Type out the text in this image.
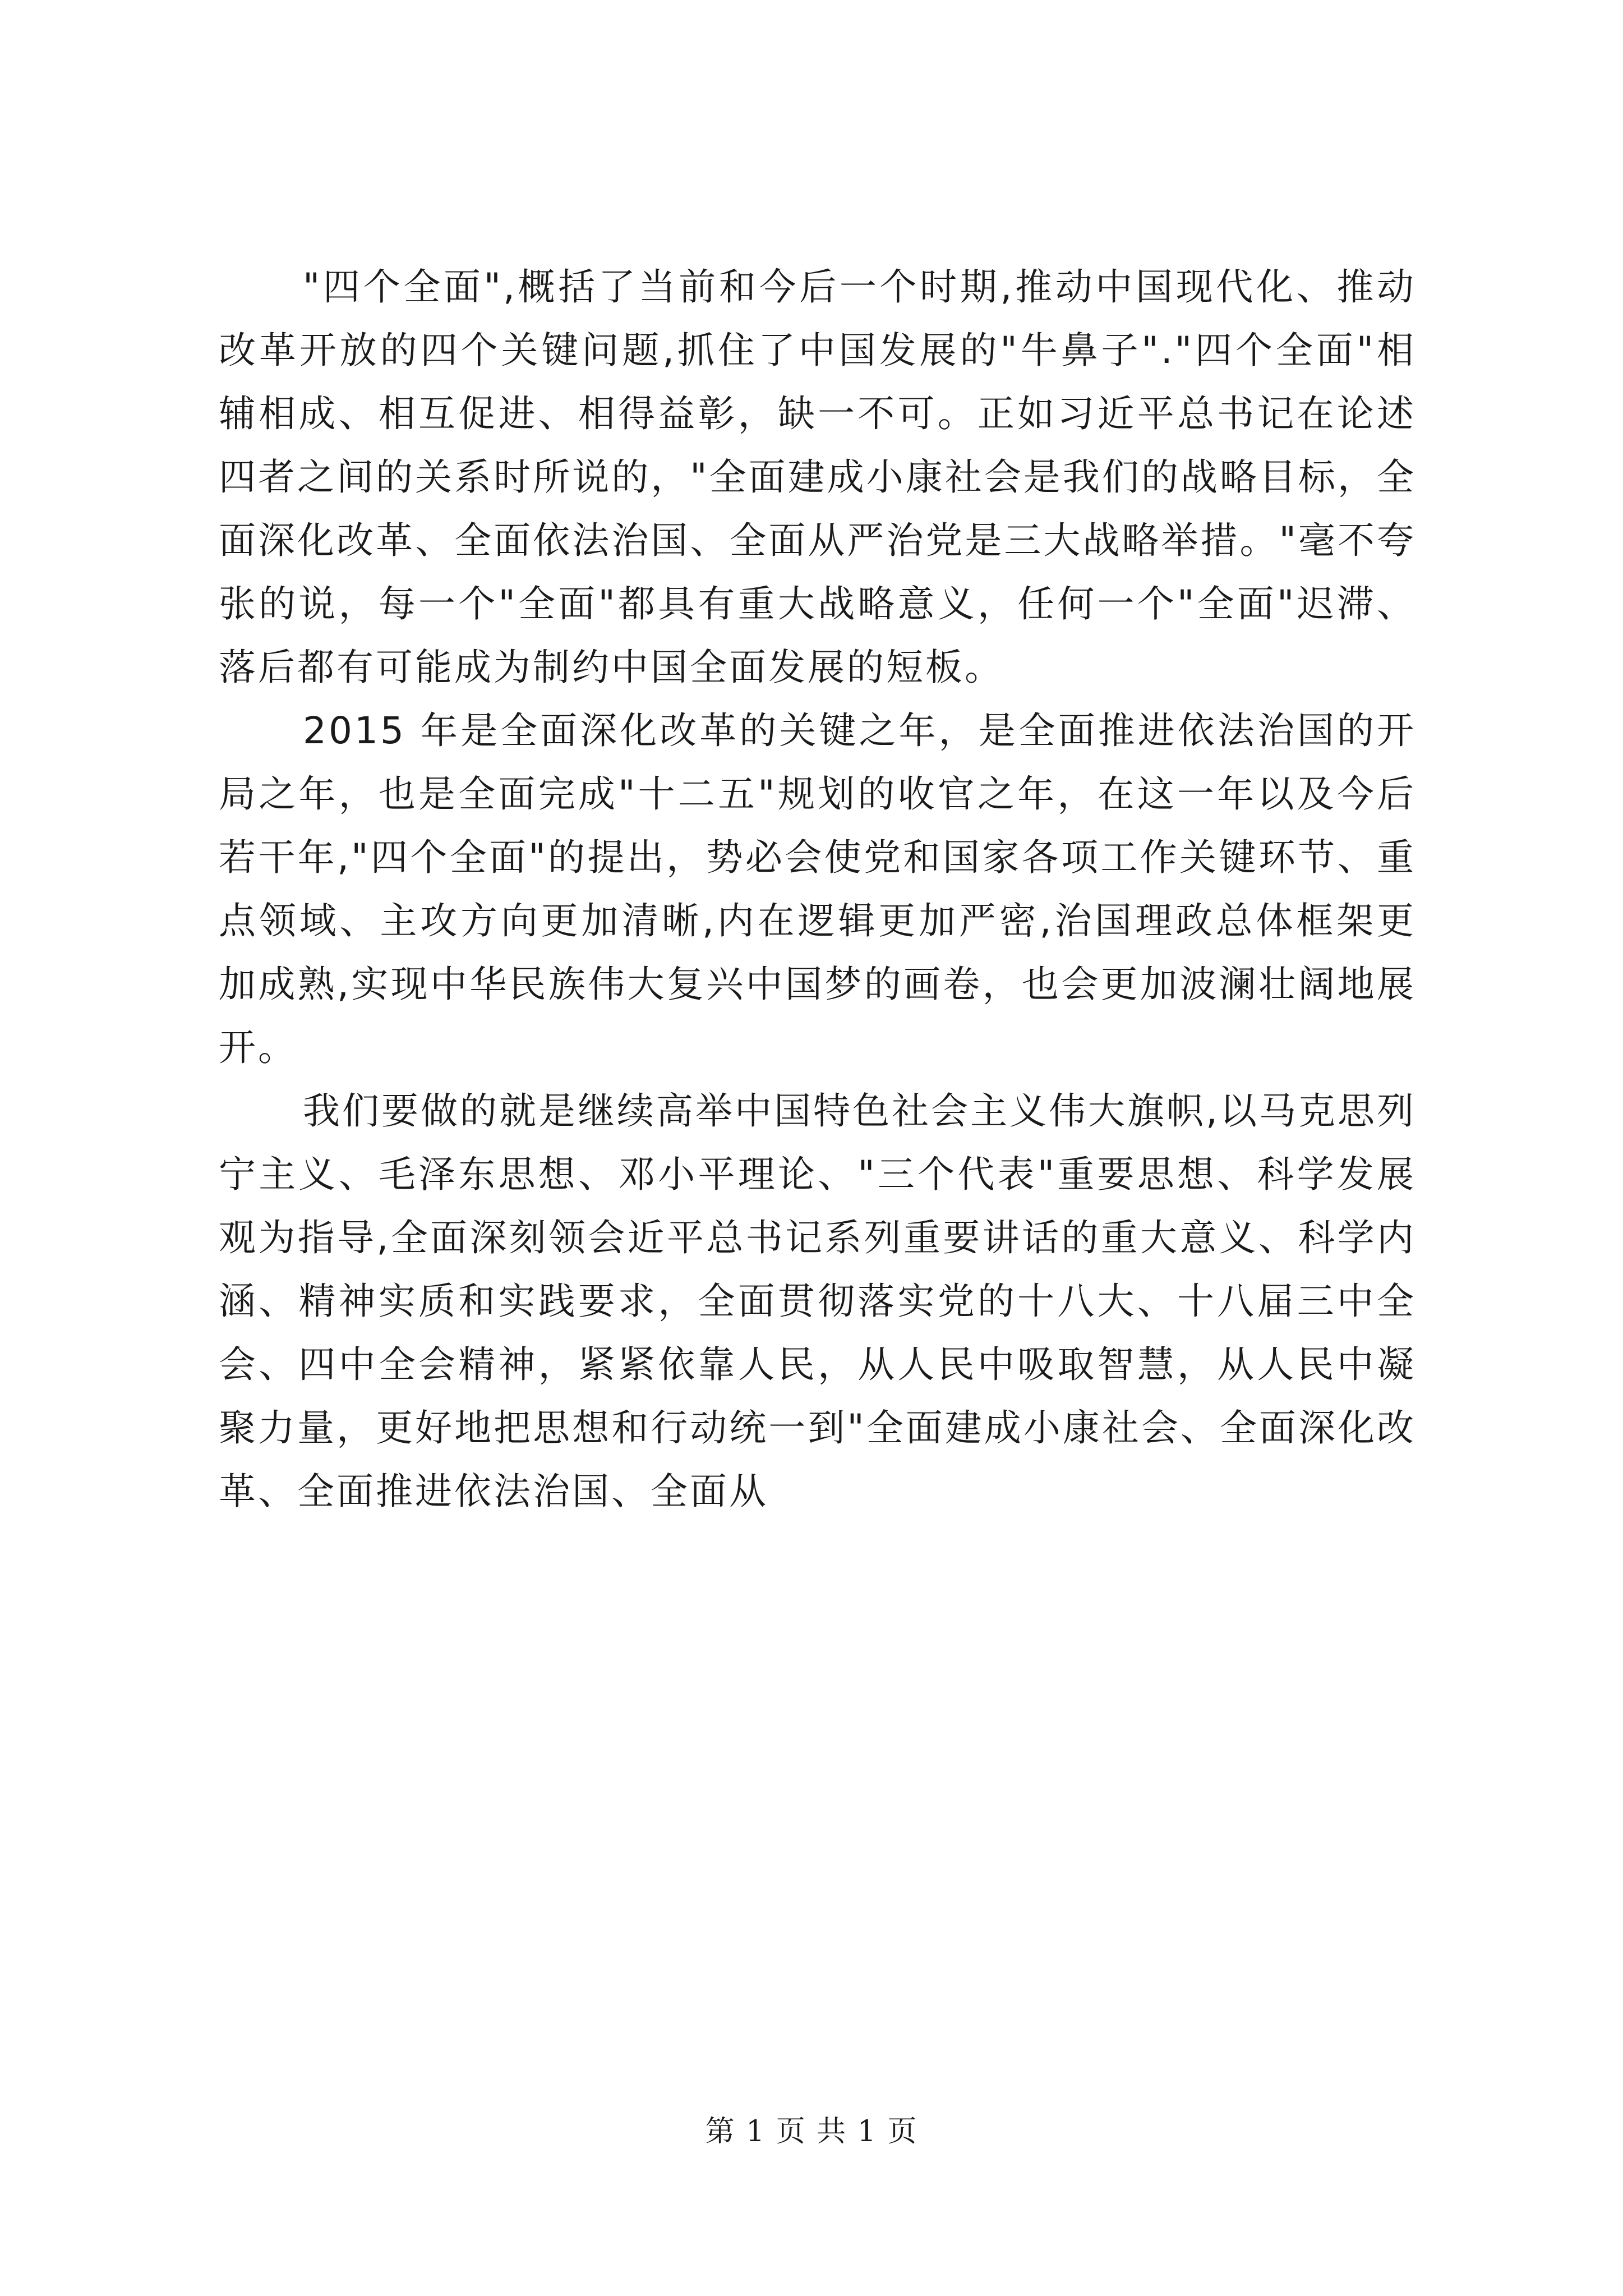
"四个全面",概括了当前和今后一个时期,推动中国现代化、推动改革开放的四个关键问题,抓住了中国发展的"牛鼻子"."四个全面"相辅相成、相互促进、相得益彰，缺一不可。正如习近平总书记在论述四者之间的关系时所说的，"全面建成小康社会是我们的战略目标，全面深化改革、全面依法治国、全面从严治党是三大战略举措。"毫不夸张的说，每一个"全面"都具有重大战略意义，任何一个"全面"迟滞、落后都有可能成为制约中国全面发展的短板。

2015 年是全面深化改革的关键之年，是全面推进依法治国的开局之年，也是全面完成"十二五"规划的收官之年，在这一年以及今后若干年,"四个全面"的提出，势必会使党和国家各项工作关键环节、重点领域、主攻方向更加清晰,内在逻辑更加严密,治国理政总体框架更加成熟,实现中华民族伟大复兴中国梦的画卷，也会更加波澜壮阔地展开。

我们要做的就是继续高举中国特色社会主义伟大旗帜,以马克思列宁主义、毛泽东思想、邓小平理论、"三个代表"重要思想、科学发展观为指导,全面深刻领会近平总书记系列重要讲话的重大意义、科学内涵、精神实质和实践要求，全面贯彻落实党的十八大、十八届三中全会、四中全会精神，紧紧依靠人民，从人民中吸取智慧，从人民中凝聚力量，更好地把思想和行动统一到"全面建成小康社会、全面深化改革、全面推进依法治国、全面从

第 1 页 共 1 页
